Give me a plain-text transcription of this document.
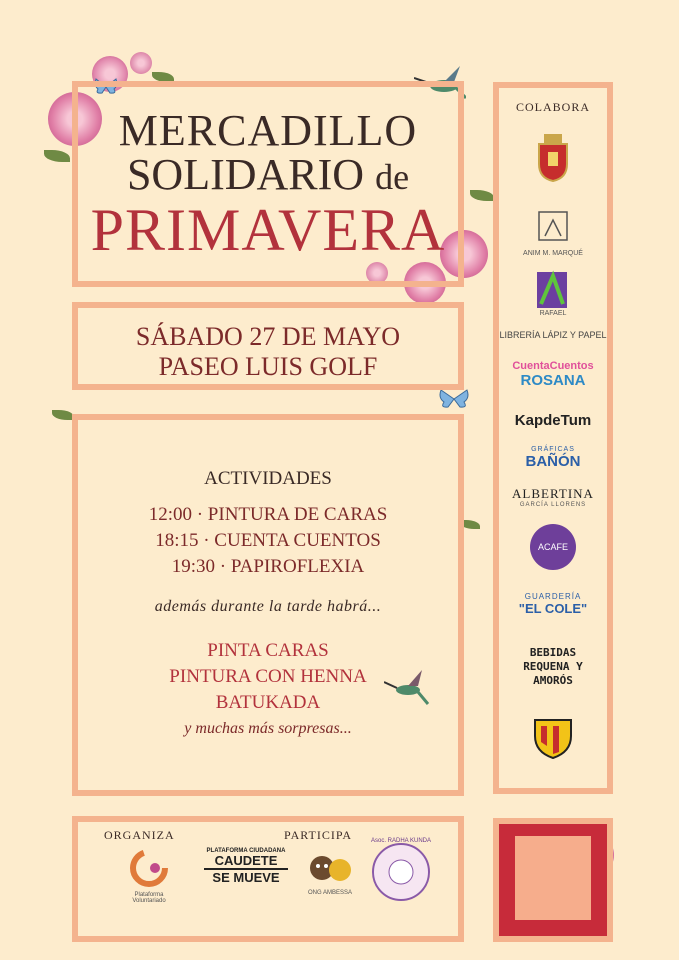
MERCADILLO
SOLIDARIO de
PRIMAVERA
SÁBADO 27 DE MAYO
PASEO LUIS GOLF
ACTIVIDADES
12:00 · PINTURA DE CARAS
18:15 · CUENTA CUENTOS
19:30 · PAPIROFLEXIA
además durante la tarde habrá...
PINTA CARAS
PINTURA CON HENNA
BATUKADA
y muchas más sorpresas...
COLABORA
ANIM M. MARQUÉ
RAFAEL
LIBRERÍA LÁPIZ Y PAPEL
CuentaCuentos
ROSANA
KapdeTum
GRÁFICAS
BAÑÓN
ALBERTINA
GARCÍA LLORENS
ACAFE
GUARDERÍA
"EL COLE"
BEBIDAS REQUENA Y AMORÓS
ORGANIZA	PARTICIPA
Plataforma Voluntariado
PLATAFORMA CIUDADANA
CAUDETE
SE MUEVE
ONG AMBESSA
Asoc. RADHA KUNDA
